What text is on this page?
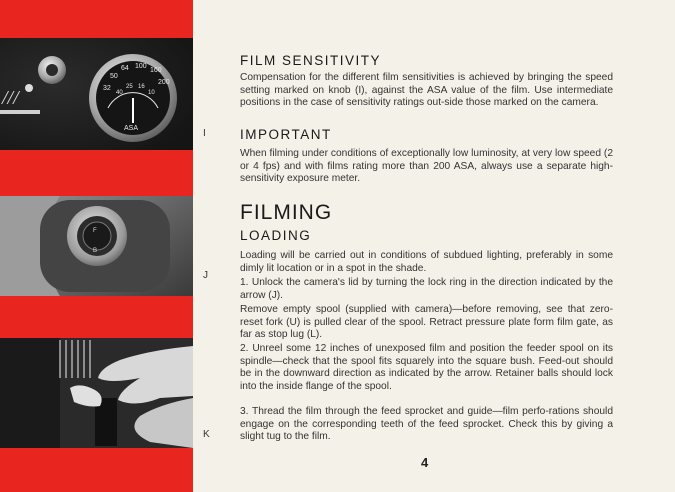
///	32
50
64 100
160
200
40
25 16
10
ASA
F
B
I
J
K
FILM SENSITIVITY

Compensation for the different film sensitivities is achieved by bringing the speed setting marked on knob (I), against the ASA value of the film. Use intermediate positions in the case of sensitivity ratings out-side those marked on the camera.

IMPORTANT

When filming under conditions of exceptionally low luminosity, at very low speed (2 or 4 fps) and with films rating more than 200 ASA, always use a separate high-sensitivity exposure meter.

FILMING
LOADING

Loading will be carried out in conditions of subdued lighting, preferably in some dimly lit location or in a spot in the shade.

1. Unlock the camera's lid by turning the lock ring in the direction indicated by the arrow (J).

Remove empty spool (supplied with camera)—before removing, see that zero-reset fork (U) is pulled clear of the spool. Retract pressure plate form film gate, as far as stop lug (L).

2. Unreel some 12 inches of unexposed film and position the feeder spool on its spindle—check that the spool fits squarely into the square bush. Feed-out should be in the downward direction as indicated by the arrow. Retainer balls should lock into the inside flange of the spool.

3. Thread the film through the feed sprocket and guide—film perfo-rations should engage on the corresponding teeth of the feed sprocket. Check this by giving a slight tug to the film.

4
